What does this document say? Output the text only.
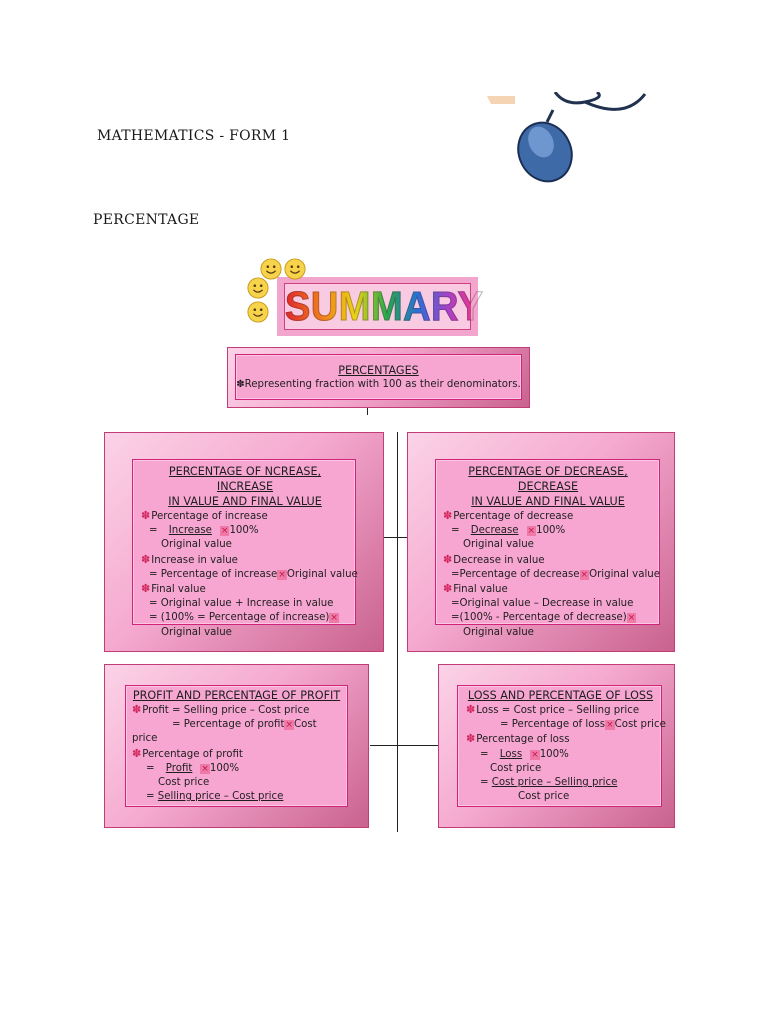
MATHEMATICS - FORM 1
PERCENTAGE
SUMMARY
PERCENTAGES
✽Representing fraction with 100 as their denominators.
PERCENTAGE OF NCREASE, INCREASE
IN VALUE AND FINAL VALUE
✽Percentage of increase
= Increase ×100%
Original value
✽Increase in value
= Percentage of increase×Original value
✽Final value
= Original value + Increase in value
= (100% = Percentage of increase)×
Original value
PERCENTAGE OF DECREASE, DECREASE
IN VALUE AND FINAL VALUE
✽Percentage of decrease
= Decrease ×100%
Original value
✽Decrease in value
=Percentage of decrease×Original value
✽Final value
=Original value – Decrease in value
=(100% - Percentage of decrease)×
Original value
PROFIT AND PERCENTAGE OF PROFIT
✽Profit = Selling price – Cost price
= Percentage of profit×Cost
price
✽Percentage of profit
= Profit ×100%
Cost price
= Selling price – Cost price
LOSS AND PERCENTAGE OF LOSS
✽Loss = Cost price – Selling price
= Percentage of loss×Cost price
✽Percentage of loss
= Loss ×100%
Cost price
= Cost price – Selling price
Cost price
